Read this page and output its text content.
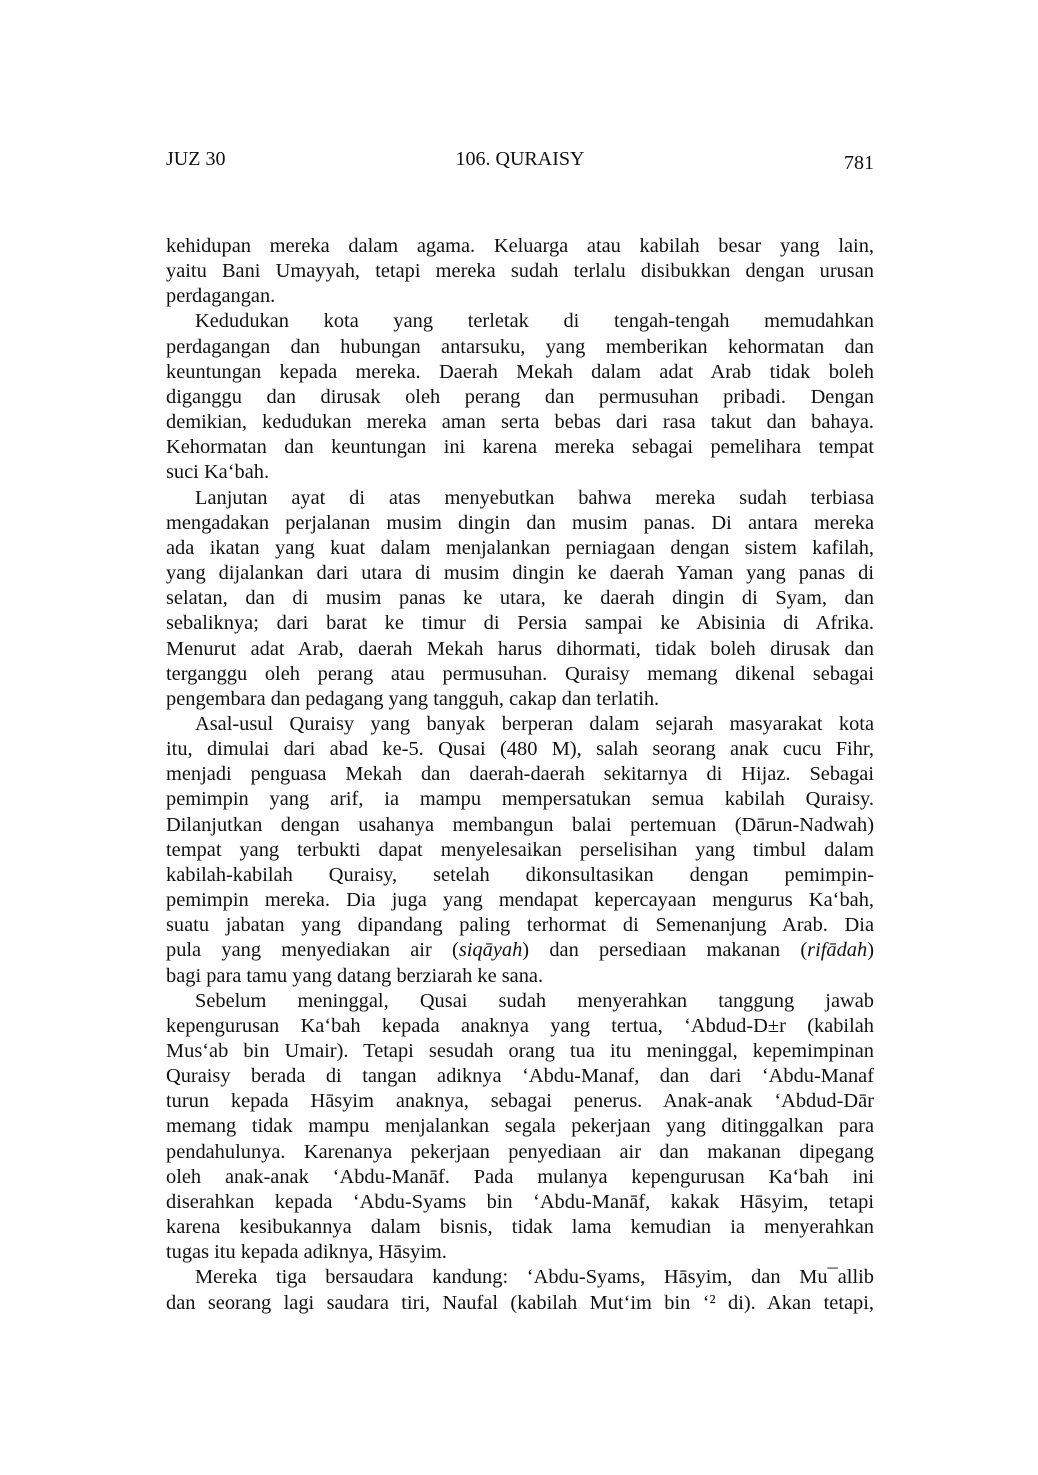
JUZ 30	106. QURAISY	781
kehidupan mereka dalam agama. Keluarga atau kabilah besar yang lain,
yaitu Bani Umayyah, tetapi mereka sudah terlalu disibukkan dengan urusan
perdagangan.
Kedudukan kota yang terletak di tengah-tengah memudahkan
perdagangan dan hubungan antarsuku, yang memberikan kehormatan dan
keuntungan kepada mereka. Daerah Mekah dalam adat Arab tidak boleh
diganggu dan dirusak oleh perang dan permusuhan pribadi. Dengan
demikian, kedudukan mereka aman serta bebas dari rasa takut dan bahaya.
Kehormatan dan keuntungan ini karena mereka sebagai pemelihara tempat
suci Ka‘bah.
Lanjutan ayat di atas menyebutkan bahwa mereka sudah terbiasa
mengadakan perjalanan musim dingin dan musim panas. Di antara mereka
ada ikatan yang kuat dalam menjalankan perniagaan dengan sistem kafilah,
yang dijalankan dari utara di musim dingin ke daerah Yaman yang panas di
selatan, dan di musim panas ke utara, ke daerah dingin di Syam, dan
sebaliknya; dari barat ke timur di Persia sampai ke Abisinia di Afrika.
Menurut adat Arab, daerah Mekah harus dihormati, tidak boleh dirusak dan
terganggu oleh perang atau permusuhan. Quraisy memang dikenal sebagai
pengembara dan pedagang yang tangguh, cakap dan terlatih.
Asal-usul Quraisy yang banyak berperan dalam sejarah masyarakat kota
itu, dimulai dari abad ke-5. Qusai (480 M), salah seorang anak cucu Fihr,
menjadi penguasa Mekah dan daerah-daerah sekitarnya di Hijaz. Sebagai
pemimpin yang arif, ia mampu mempersatukan semua kabilah Quraisy.
Dilanjutkan dengan usahanya membangun balai pertemuan (Dārun-Nadwah)
tempat yang terbukti dapat menyelesaikan perselisihan yang timbul dalam
kabilah-kabilah Quraisy, setelah dikonsultasikan dengan pemimpin-
pemimpin mereka. Dia juga yang mendapat kepercayaan mengurus Ka‘bah,
suatu jabatan yang dipandang paling terhormat di Semenanjung Arab. Dia
pula yang menyediakan air (siqāyah) dan persediaan makanan (rifādah)
bagi para tamu yang datang berziarah ke sana.
Sebelum meninggal, Qusai sudah menyerahkan tanggung jawab
kepengurusan Ka‘bah kepada anaknya yang tertua, ‘Abdud-D±r (kabilah
Mus‘ab bin Umair). Tetapi sesudah orang tua itu meninggal, kepemimpinan
Quraisy berada di tangan adiknya ‘Abdu-Manaf, dan dari ‘Abdu-Manaf
turun kepada Hāsyim anaknya, sebagai penerus. Anak-anak ‘Abdud-Dār
memang tidak mampu menjalankan segala pekerjaan yang ditinggalkan para
pendahulunya. Karenanya pekerjaan penyediaan air dan makanan dipegang
oleh anak-anak ‘Abdu-Manāf. Pada mulanya kepengurusan Ka‘bah ini
diserahkan kepada ‘Abdu-Syams bin ‘Abdu-Manāf, kakak Hāsyim, tetapi
karena kesibukannya dalam bisnis, tidak lama kemudian ia menyerahkan
tugas itu kepada adiknya, Hāsyim.
Mereka tiga bersaudara kandung: ‘Abdu-Syams, Hāsyim, dan Mu¯allib
dan seorang lagi saudara tiri, Naufal (kabilah Mut‘im bin ‘² di). Akan tetapi,
